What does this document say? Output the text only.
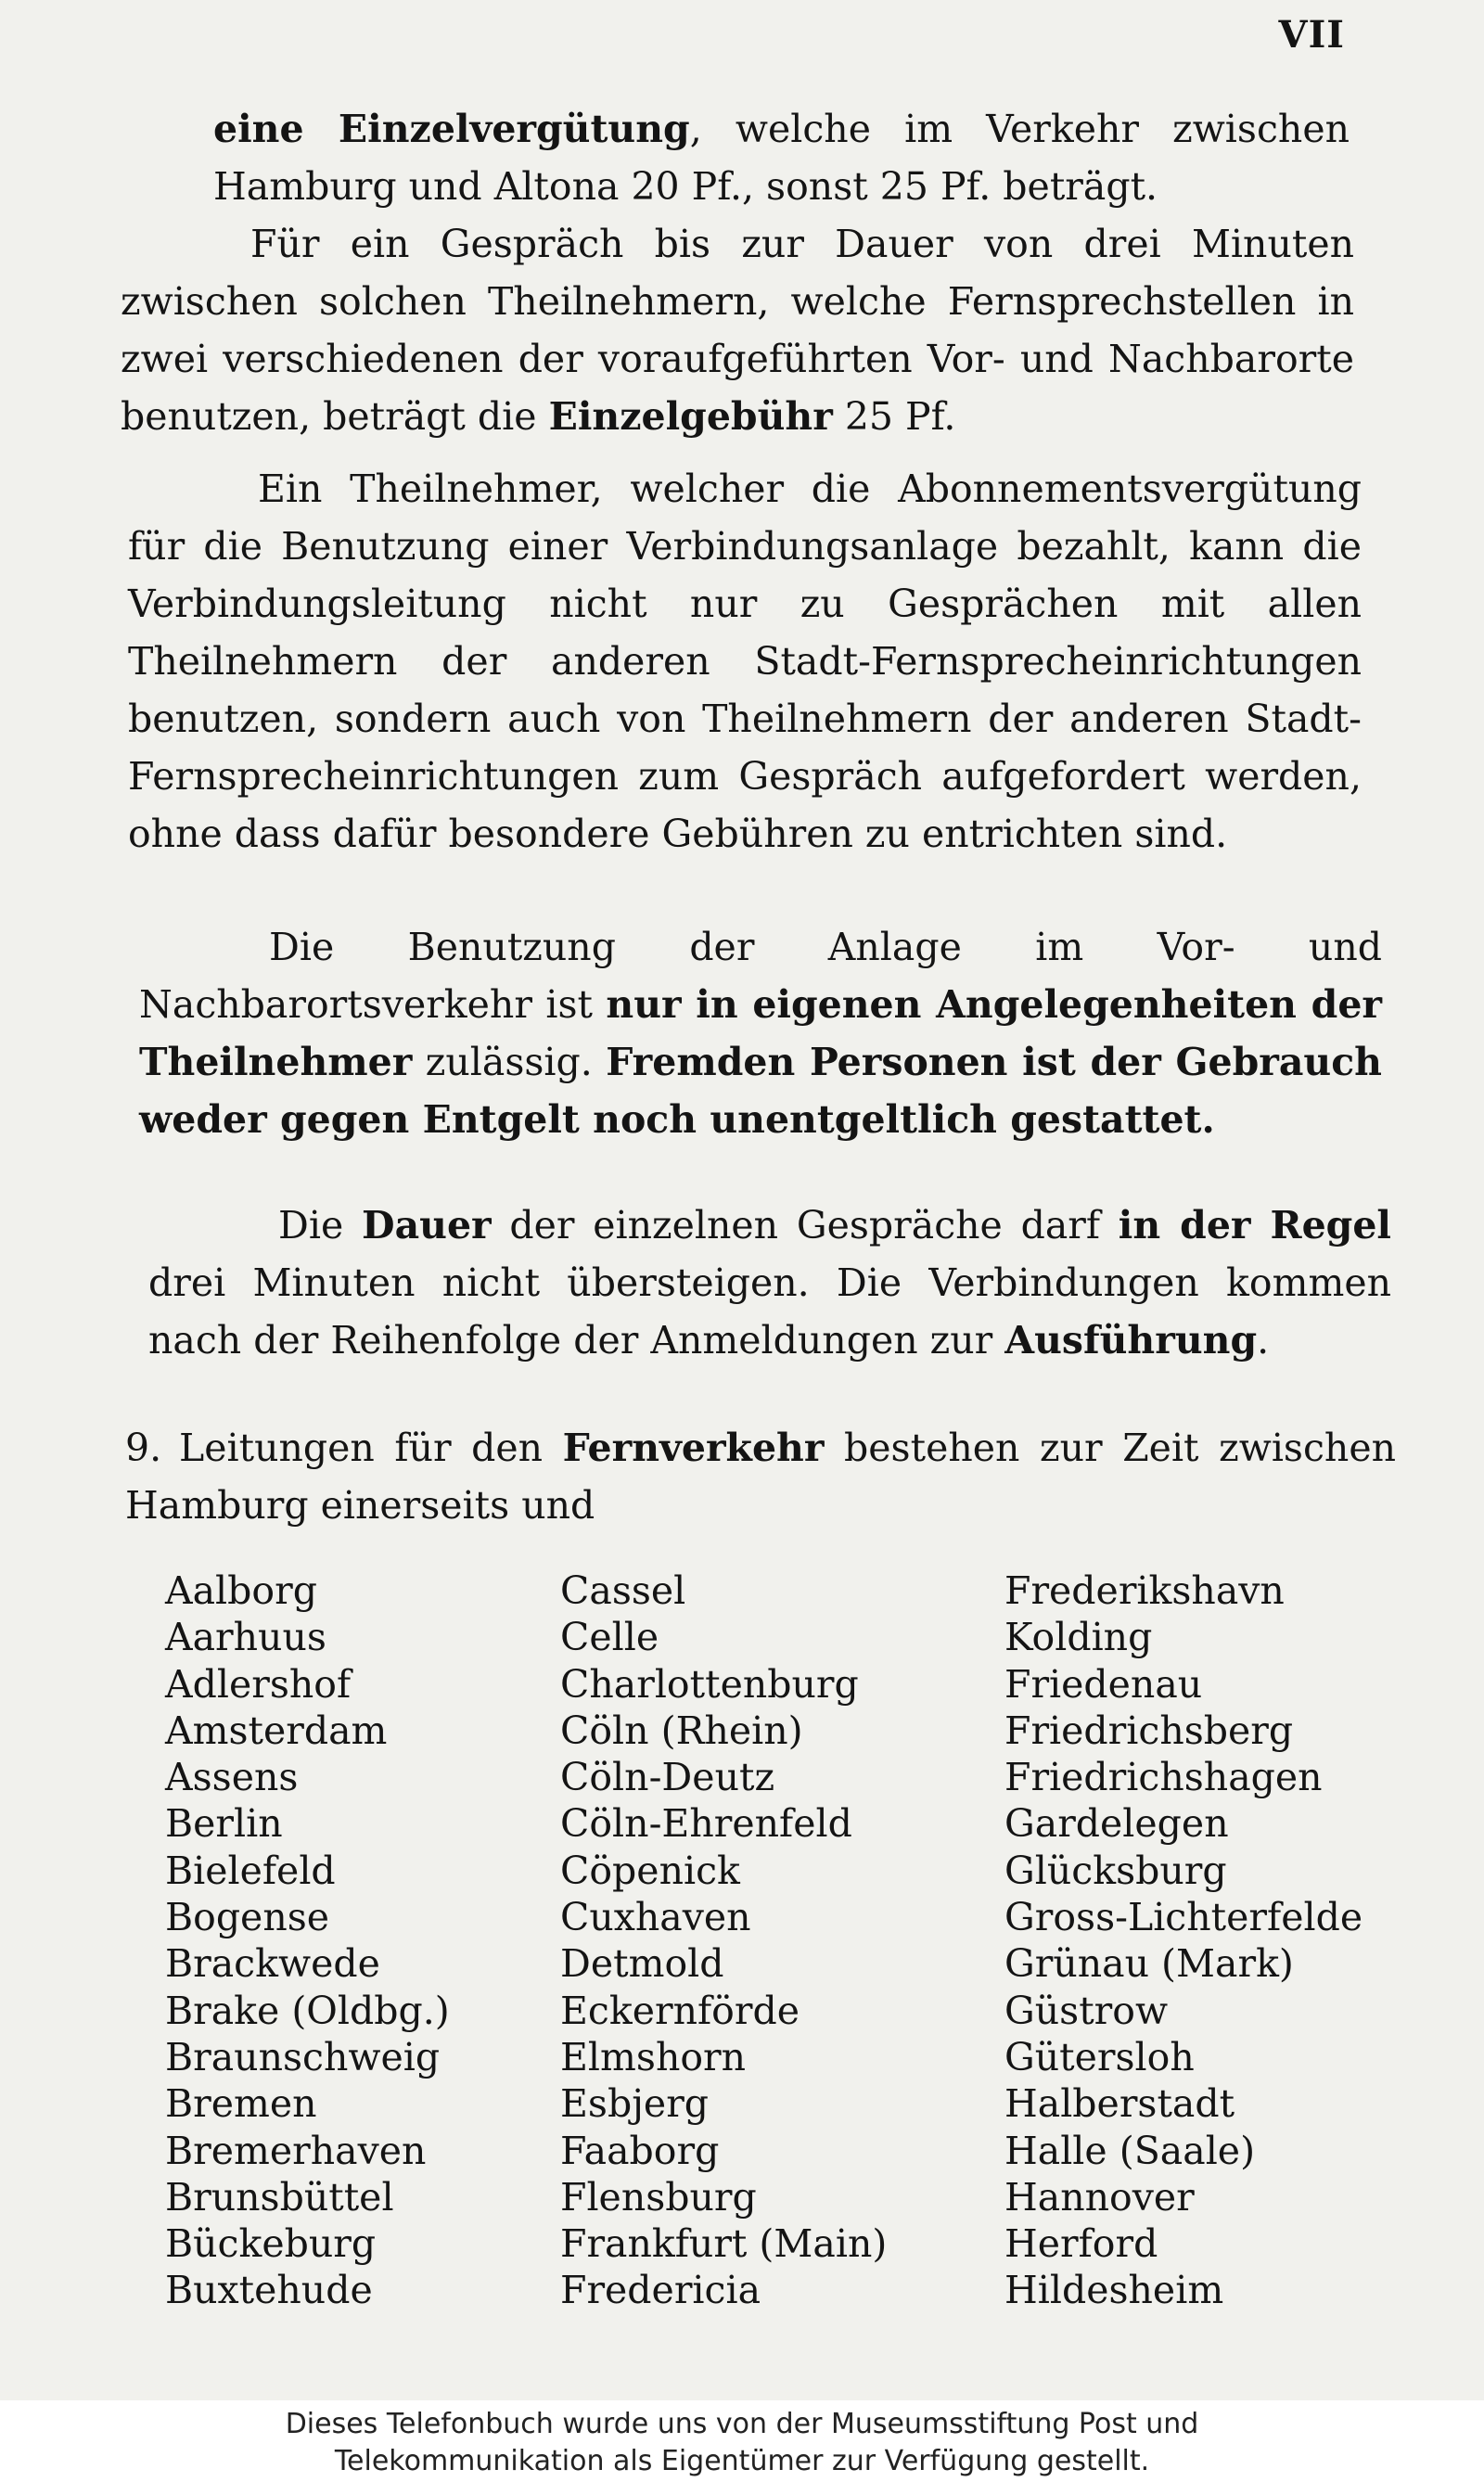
VII

eine Einzelvergütung, welche im Verkehr zwischen Hamburg und Altona 20 Pf., sonst 25 Pf. beträgt.

Für ein Gespräch bis zur Dauer von drei Minuten zwischen solchen Theilnehmern, welche Fernsprechstellen in zwei verschiedenen der voraufgeführten Vor- und Nachbarorte benutzen, beträgt die Einzelgebühr 25 Pf.

Ein Theilnehmer, welcher die Abonnementsvergütung für die Benutzung einer Verbindungsanlage bezahlt, kann die Verbindungsleitung nicht nur zu Gesprächen mit allen Theilnehmern der anderen Stadt-Fernsprecheinrichtungen benutzen, sondern auch von Theilnehmern der anderen Stadt-Fernsprecheinrichtungen zum Gespräch aufgefordert werden, ohne dass dafür besondere Gebühren zu entrichten sind.

Die Benutzung der Anlage im Vor- und Nachbarortsverkehr ist nur in eigenen Angelegenheiten der Theilnehmer zulässig. Fremden Personen ist der Gebrauch weder gegen Entgelt noch unentgeltlich gestattet.

Die Dauer der einzelnen Gespräche darf in der Regel drei Minuten nicht übersteigen. Die Verbindungen kommen nach der Reihenfolge der Anmeldungen zur Ausführung.

9. Leitungen für den Fernverkehr bestehen zur Zeit zwischen Hamburg einerseits und

Aalborg
Aarhuus
Adlershof
Amsterdam
Assens
Berlin
Bielefeld
Bogense
Brackwede
Brake (Oldbg.)
Braunschweig
Bremen
Bremerhaven
Brunsbüttel
Bückeburg
Buxtehude
Cassel
Celle
Charlottenburg
Cöln (Rhein)
Cöln-Deutz
Cöln-Ehrenfeld
Cöpenick
Cuxhaven
Detmold
Eckernförde
Elmshorn
Esbjerg
Faaborg
Flensburg
Frankfurt (Main)
Fredericia
Frederikshavn
Kolding
Friedenau
Friedrichsberg
Friedrichshagen
Gardelegen
Glücksburg
Gross-Lichterfelde
Grünau (Mark)
Güstrow
Gütersloh
Halberstadt
Halle (Saale)
Hannover
Herford
Hildesheim
Dieses Telefonbuch wurde uns von der Museumsstiftung Post und
Telekommunikation als Eigentümer zur Verfügung gestellt.
